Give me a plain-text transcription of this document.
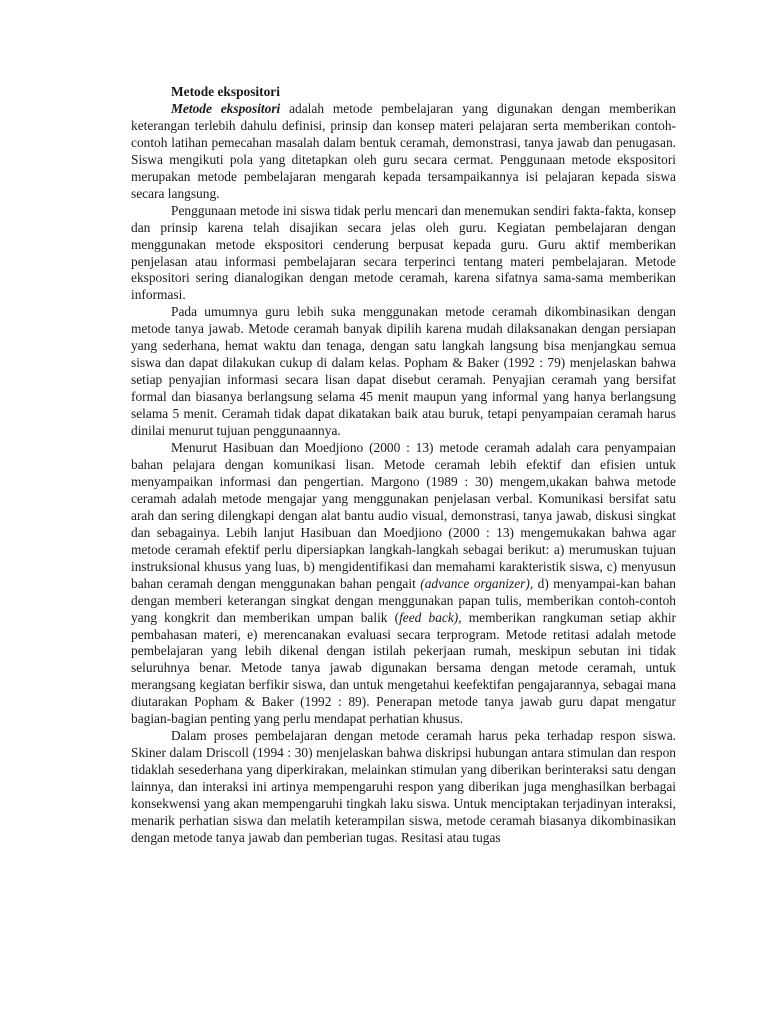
Metode ekspositori

Metode ekspositori adalah metode pembelajaran yang digunakan dengan memberikan keterangan terlebih dahulu definisi, prinsip dan konsep materi pelajaran serta memberikan contoh-contoh latihan pemecahan masalah dalam bentuk ceramah, demonstrasi, tanya jawab dan penugasan. Siswa mengikuti pola yang ditetapkan oleh guru secara cermat. Penggunaan metode ekspositori merupakan metode pembelajaran mengarah kepada tersampaikannya isi pelajaran kepada siswa secara langsung.

Penggunaan metode ini siswa tidak perlu mencari dan menemukan sendiri fakta-fakta, konsep dan prinsip karena telah disajikan secara jelas oleh guru. Kegiatan pembelajaran dengan menggunakan metode ekspositori cenderung berpusat kepada guru. Guru aktif memberikan penjelasan atau informasi pembelajaran secara terperinci tentang materi pembelajaran. Metode ekspositori sering dianalogikan dengan metode ceramah, karena sifatnya sama-sama memberikan informasi.

Pada umumnya guru lebih suka menggunakan metode ceramah dikombinasikan dengan metode tanya jawab. Metode ceramah banyak dipilih karena mudah dilaksanakan dengan persiapan yang sederhana, hemat waktu dan tenaga, dengan satu langkah langsung bisa menjangkau semua siswa dan dapat dilakukan cukup di dalam kelas. Popham & Baker (1992 : 79) menjelaskan bahwa setiap penyajian informasi secara lisan dapat disebut ceramah. Penyajian ceramah yang bersifat formal dan biasanya berlangsung selama 45 menit maupun yang informal yang hanya berlangsung selama 5 menit. Ceramah tidak dapat dikatakan baik atau buruk, tetapi penyampaian ceramah harus dinilai menurut tujuan penggunaannya.

Menurut Hasibuan dan Moedjiono (2000 : 13) metode ceramah adalah cara penyampaian bahan pelajara dengan komunikasi lisan. Metode ceramah lebih efektif dan efisien untuk menyampaikan informasi dan pengertian. Margono (1989 : 30) mengem,ukakan bahwa metode ceramah adalah metode mengajar yang menggunakan penjelasan verbal. Komunikasi bersifat satu arah dan sering dilengkapi dengan alat bantu audio visual, demonstrasi, tanya jawab, diskusi singkat dan sebagainya. Lebih lanjut Hasibuan dan Moedjiono (2000 : 13) mengemukakan bahwa agar metode ceramah efektif perlu dipersiapkan langkah-langkah sebagai berikut: a) merumuskan tujuan instruksional khusus yang luas, b) mengidentifikasi dan memahami karakteristik siswa, c) menyusun bahan ceramah dengan menggunakan bahan pengait (advance organizer), d) menyampai-kan bahan dengan memberi keterangan singkat dengan menggunakan papan tulis, memberikan contoh-contoh yang kongkrit dan memberikan umpan balik (feed back), memberikan rangkuman setiap akhir pembahasan materi, e) merencanakan evaluasi secara terprogram. Metode retitasi adalah metode pembelajaran yang lebih dikenal dengan istilah pekerjaan rumah, meskipun sebutan ini tidak seluruhnya benar. Metode tanya jawab digunakan bersama dengan metode ceramah, untuk merangsang kegiatan berfikir siswa, dan untuk mengetahui keefektifan pengajarannya, sebagai mana diutarakan Popham & Baker (1992 : 89). Penerapan metode tanya jawab guru dapat mengatur bagian-bagian penting yang perlu mendapat perhatian khusus.

Dalam proses pembelajaran dengan metode ceramah harus peka terhadap respon siswa. Skiner dalam Driscoll (1994 : 30) menjelaskan bahwa diskripsi hubungan antara stimulan dan respon tidaklah sesederhana yang diperkirakan, melainkan stimulan yang diberikan berinteraksi satu dengan lainnya, dan interaksi ini artinya mempengaruhi respon yang diberikan juga menghasilkan berbagai konsekwensi yang akan mempengaruhi tingkah laku siswa. Untuk menciptakan terjadinyan interaksi, menarik perhatian siswa dan melatih keterampilan siswa, metode ceramah biasanya dikombinasikan dengan metode tanya jawab dan pemberian tugas. Resitasi atau tugas
